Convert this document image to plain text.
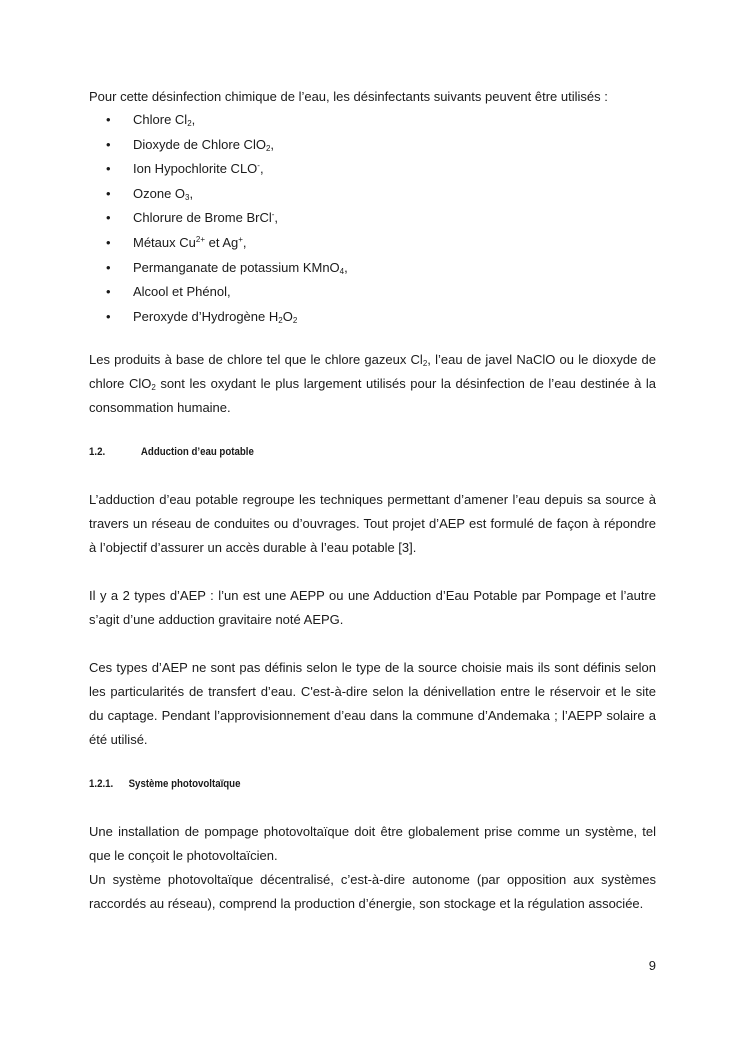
Pour cette désinfection chimique de l’eau, les désinfectants suivants peuvent être utilisés :

• Chlore $Cl_2$,
• Dioxyde de Chlore ClO$_2$,
• Ion Hypochlorite CLO-,
• Ozone $O_3$,
• Chlorure de Brome BrCl-,
• Métaux $Cu^{2+}$ et Ag+,
• Permanganate de potassium KMnO$_4$,
• Alcool et Phénol,
• Peroxyde d’Hydrogène $H_2O_2$

Les produits à base de chlore tel que le chlore gazeux $Cl_2$, l’eau de javel NaClO ou le dioxyde de chlore ClO$_2$ sont les oxydant le plus largement utilisés pour la désinfection de l’eau destinée à la consommation humaine.

1.2.	Adduction d’eau potable

L’adduction d’eau potable regroupe les techniques permettant d’amener l’eau depuis sa source à travers un réseau de conduites ou d’ouvrages. Tout projet d’AEP est formulé de façon à répondre à l’objectif d’assurer un accès durable à l’eau potable [3].

Il y a 2 types d’AEP : l’un est une AEPP ou une Adduction d’Eau Potable par Pompage et l’autre s’agit d’une adduction gravitaire noté AEPG.

Ces types d’AEP ne sont pas définis selon le type de la source choisie mais ils sont définis selon les particularités de transfert d’eau. C'est-à-dire selon la dénivellation entre le réservoir et le site du captage. Pendant l’approvisionnement d’eau dans la commune d’Andemaka ; l’AEPP solaire a été utilisé.

1.2.1. Système photovoltaïque

Une installation de pompage photovoltaïque doit être globalement prise comme un système, tel que le conçoit le photovoltaïcien.

Un système photovoltaïque décentralisé, c’est-à-dire autonome (par opposition aux systèmes raccordés au réseau), comprend la production d’énergie, son stockage et la régulation associée.

9
